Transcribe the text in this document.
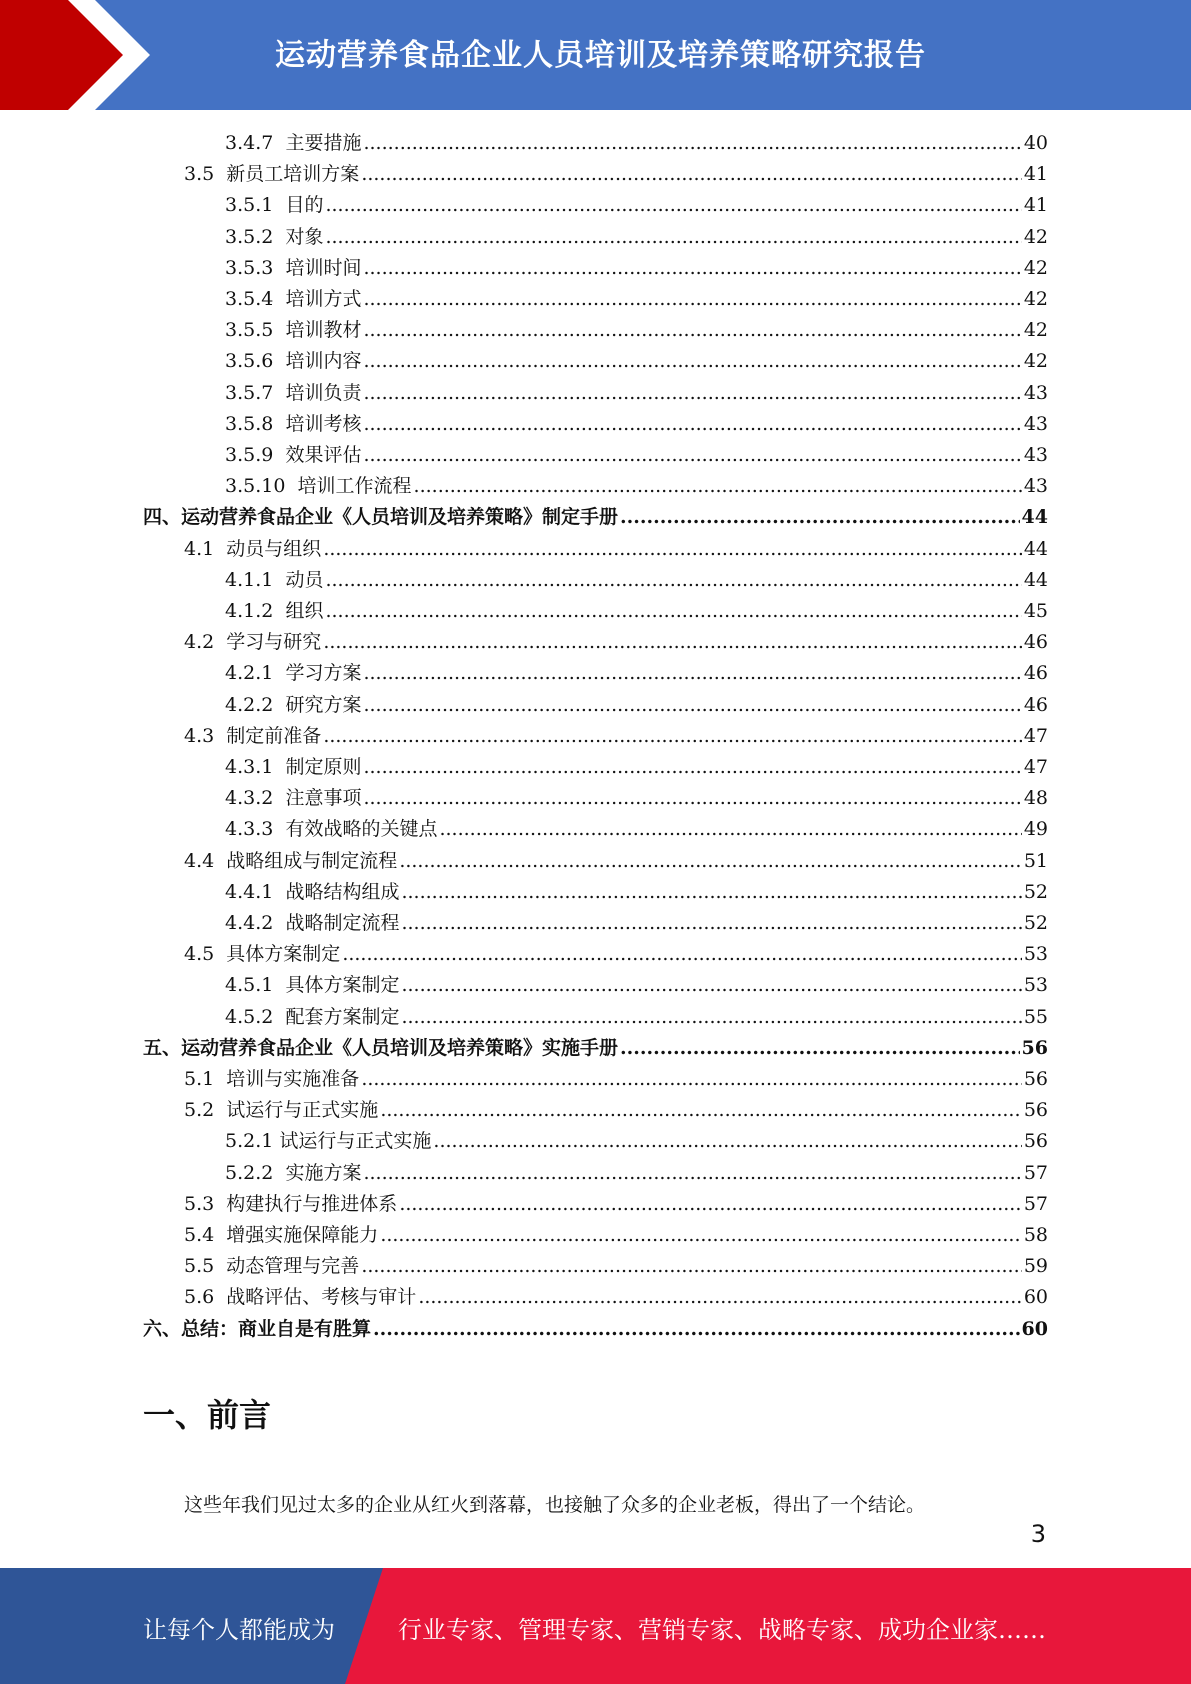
运动营养食品企业人员培训及培养策略研究报告
3.4.7 主要措施 .....	40
3.5 新员工培训方案 .....	41
3.5.1 目的 .....	41
3.5.2 对象 .....	42
3.5.3 培训时间 .....	42
3.5.4 培训方式 .....	42
3.5.5 培训教材 .....	42
3.5.6 培训内容 .....	42
3.5.7 培训负责 .....	43
3.5.8 培训考核 .....	43
3.5.9 效果评估 .....	43
3.5.10 培训工作流程 .....	43
四、 运动营养食品企业《人员培训及培养策略》制定手册 .....	44
4.1 动员与组织 .....	44
4.1.1 动员 .....	44
4.1.2 组织 .....	45
4.2 学习与研究 .....	46
4.2.1 学习方案 .....	46
4.2.2 研究方案 .....	46
4.3 制定前准备 .....	47
4.3.1 制定原则 .....	47
4.3.2 注意事项 .....	48
4.3.3 有效战略的关键点 .....	49
4.4 战略组成与制定流程 .....	51
4.4.1 战略结构组成 .....	52
4.4.2 战略制定流程 .....	52
4.5 具体方案制定 .....	53
4.5.1 具体方案制定 .....	53
4.5.2 配套方案制定 .....	55
五、 运动营养食品企业《人员培训及培养策略》实施手册 .....	56
5.1 培训与实施准备 .....	56
5.2 试运行与正式实施 .....	56
5.2.1 试运行与正式实施 .....	56
5.2.2 实施方案 .....	57
5.3 构建执行与推进体系 .....	57
5.4 增强实施保障能力 .....	58
5.5 动态管理与完善 .....	59
5.6 战略评估、考核与审计 .....	60
六、 总结：商业自是有胜算 .....	60
一、前言
这些年我们见过太多的企业从红火到落幕，也接触了众多的企业老板，得出了一个结论。
3
让每个人都能成为	行业专家、管理专家、营销专家、战略专家、成功企业家……
